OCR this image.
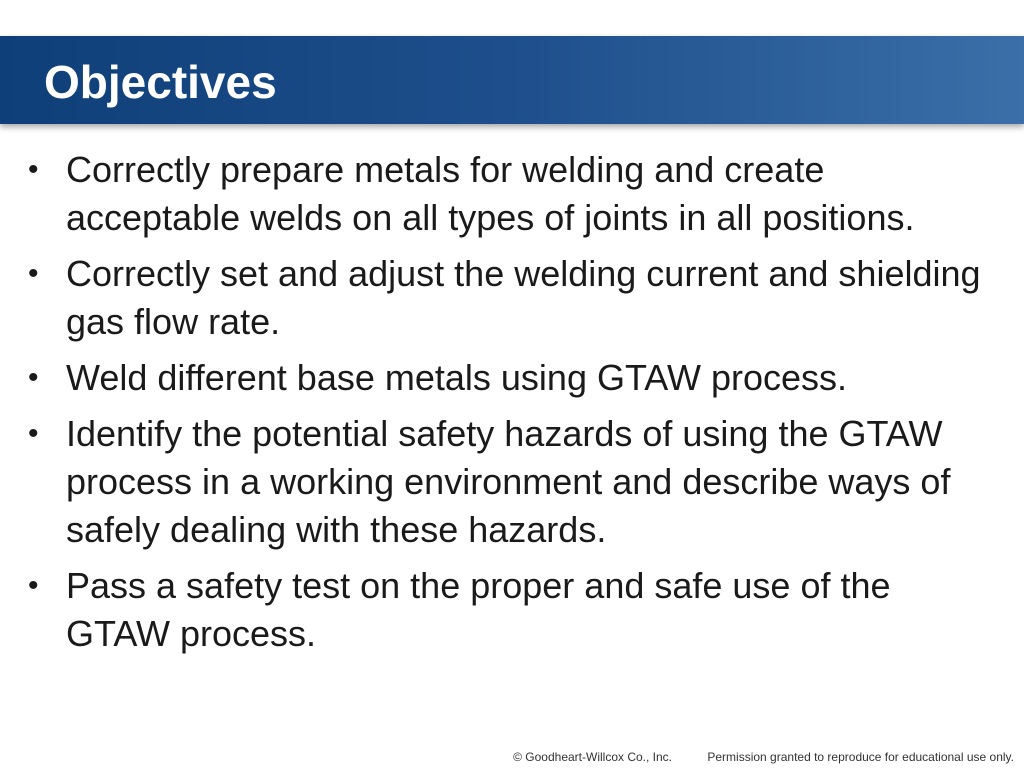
Objectives
• Correctly prepare metals for welding and create acceptable welds on all types of joints in all positions.
• Correctly set and adjust the welding current and shielding gas flow rate.
• Weld different base metals using GTAW process.
• Identify the potential safety hazards of using the GTAW process in a working environment and describe ways of safely dealing with these hazards.
• Pass a safety test on the proper and safe use of the GTAW process.
© Goodheart-Willcox Co., Inc.	Permission granted to reproduce for educational use only.
